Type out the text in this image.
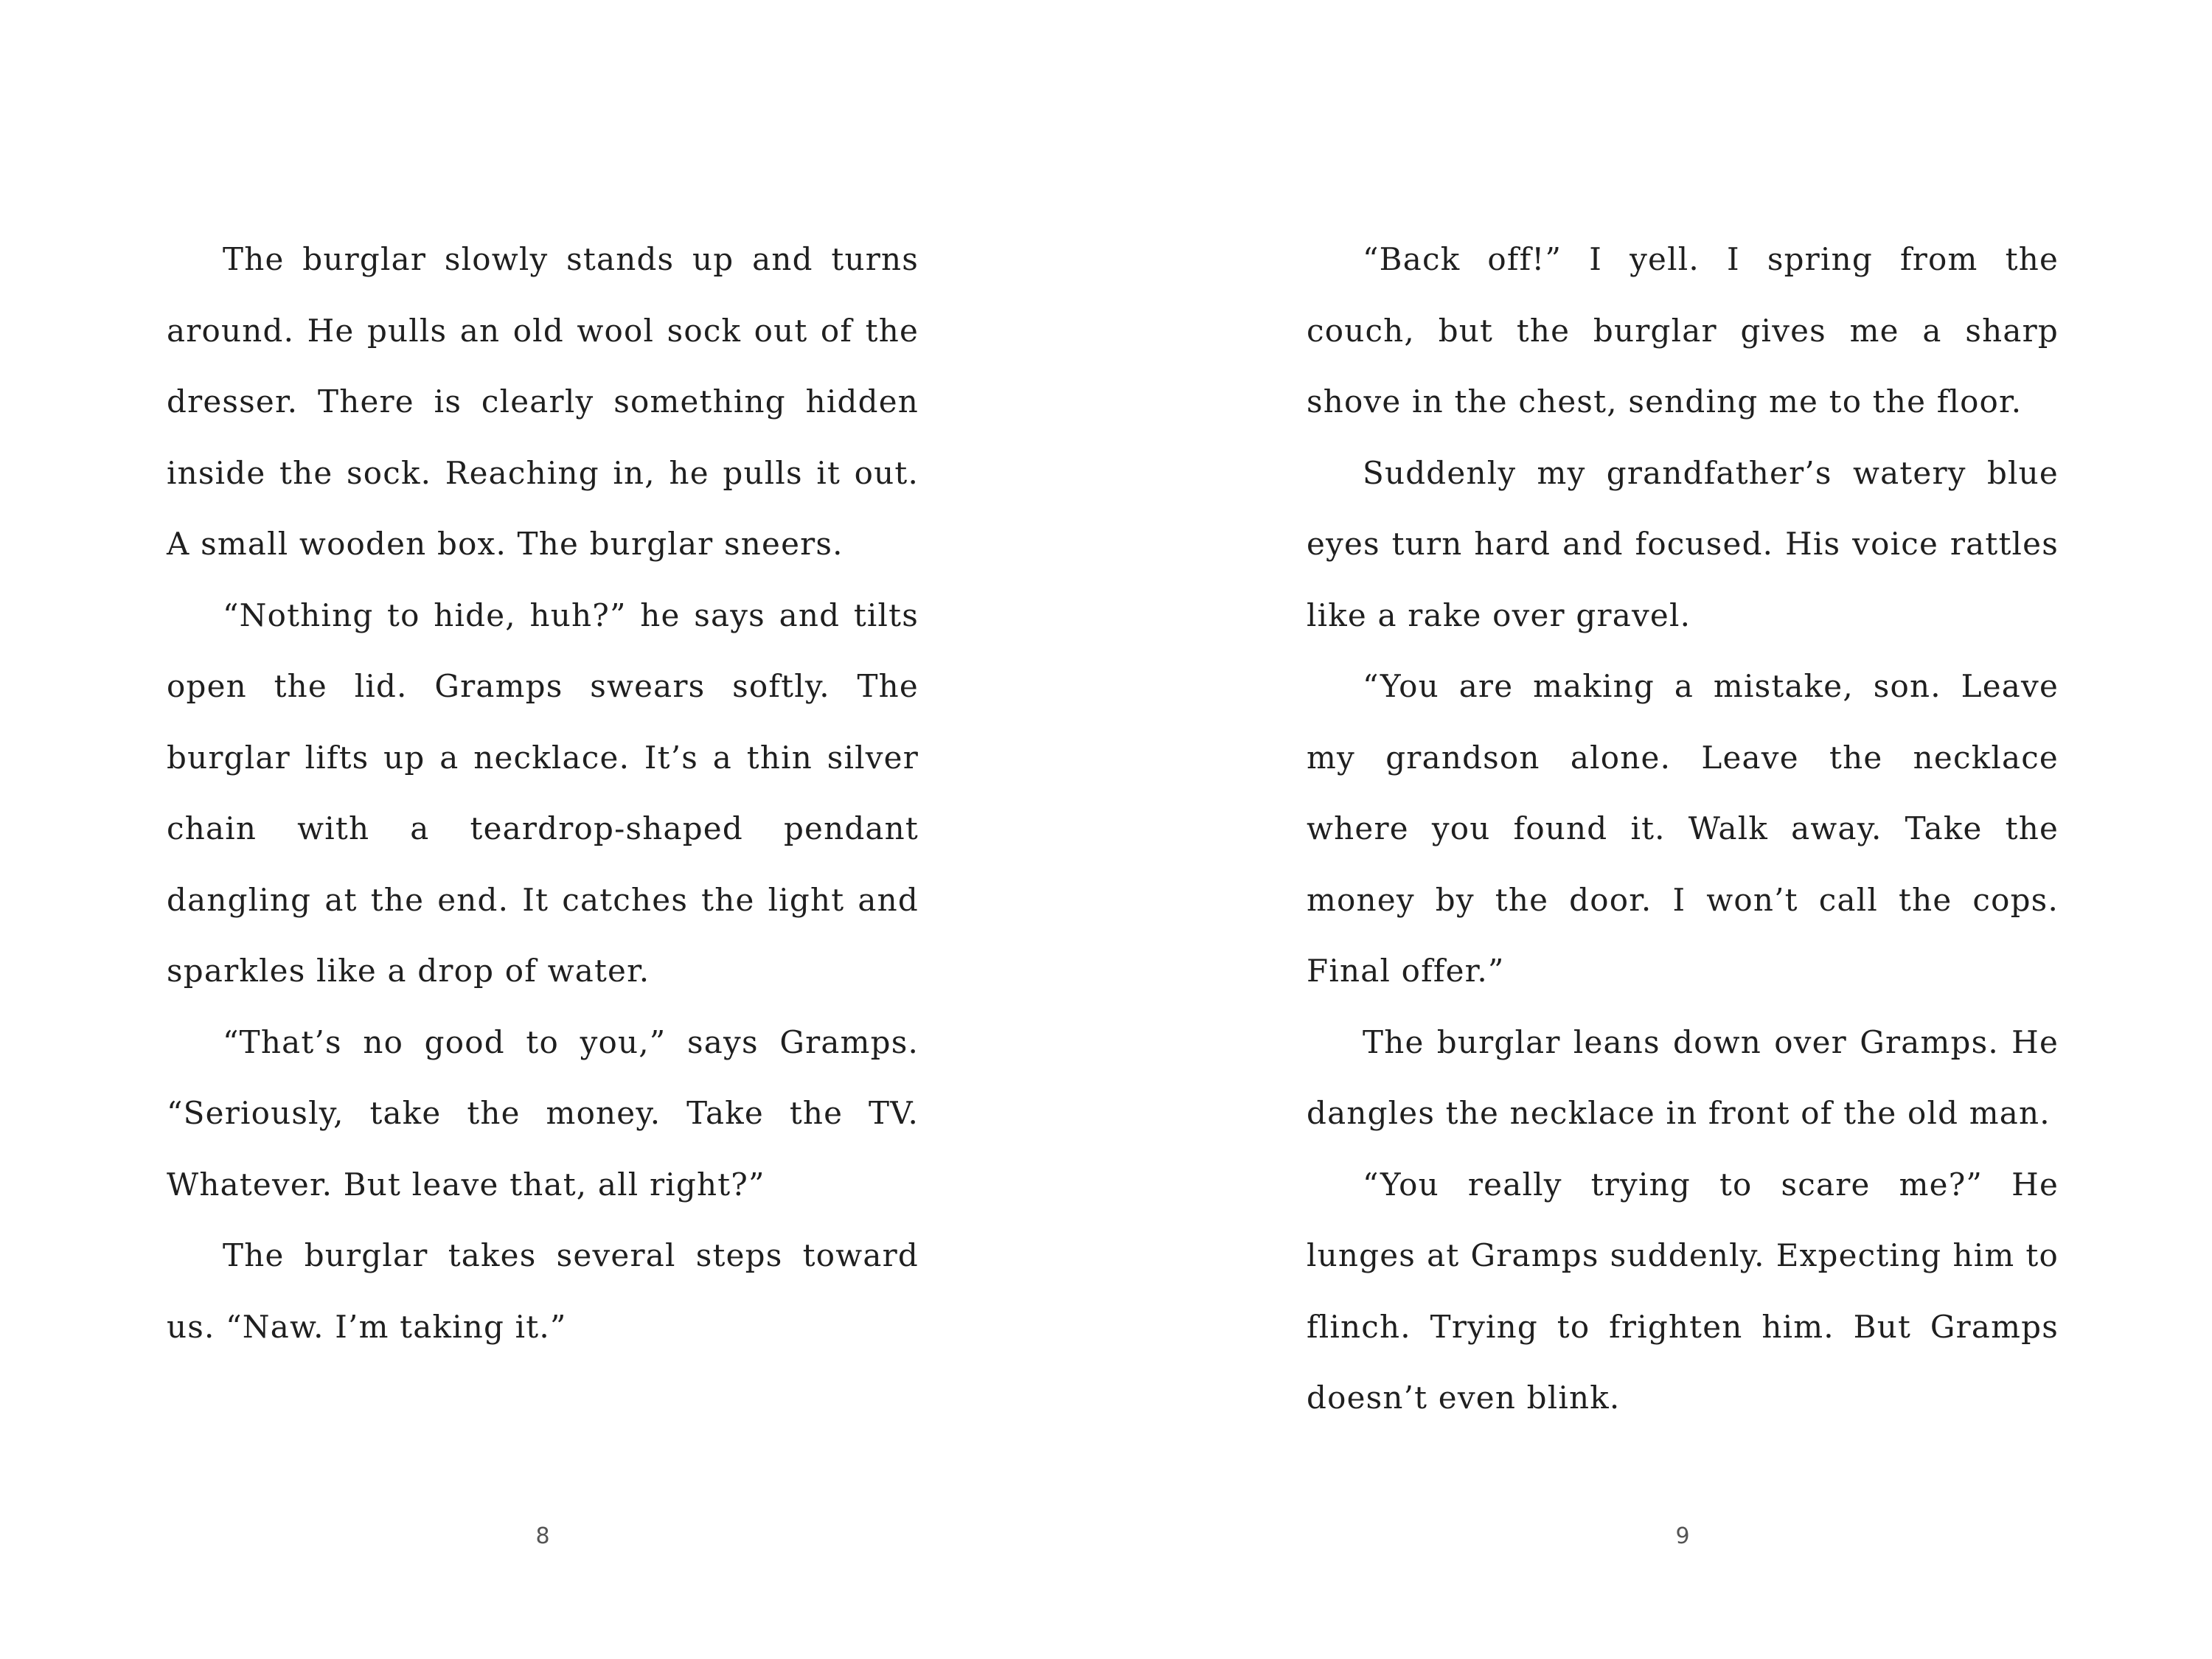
The burglar slowly stands up and turns around. He pulls an old wool sock out of the dresser. There is clearly something hidden inside the sock. Reaching in, he pulls it out. A small wooden box. The burglar sneers.

“Nothing to hide, huh?” he says and tilts open the lid. Gramps swears softly. The burglar lifts up a necklace. It’s a thin silver chain with a teardrop-shaped pendant dangling at the end. It catches the light and sparkles like a drop of water.

“That’s no good to you,” says Gramps. “Seriously, take the money. Take the TV. Whatever. But leave that, all right?”

The burglar takes several steps toward us. “Naw. I’m taking it.”

8

“Back off!” I yell. I spring from the couch, but the burglar gives me a sharp shove in the chest, sending me to the floor.

Suddenly my grandfather’s watery blue eyes turn hard and focused. His voice rattles like a rake over gravel.

“You are making a mistake, son. Leave my grandson alone. Leave the necklace where you found it. Walk away. Take the money by the door. I won’t call the cops. Final offer.”

The burglar leans down over Gramps. He dangles the necklace in front of the old man.

“You really trying to scare me?” He lunges at Gramps suddenly. Expecting him to flinch. Trying to frighten him. But Gramps doesn’t even blink.

9
